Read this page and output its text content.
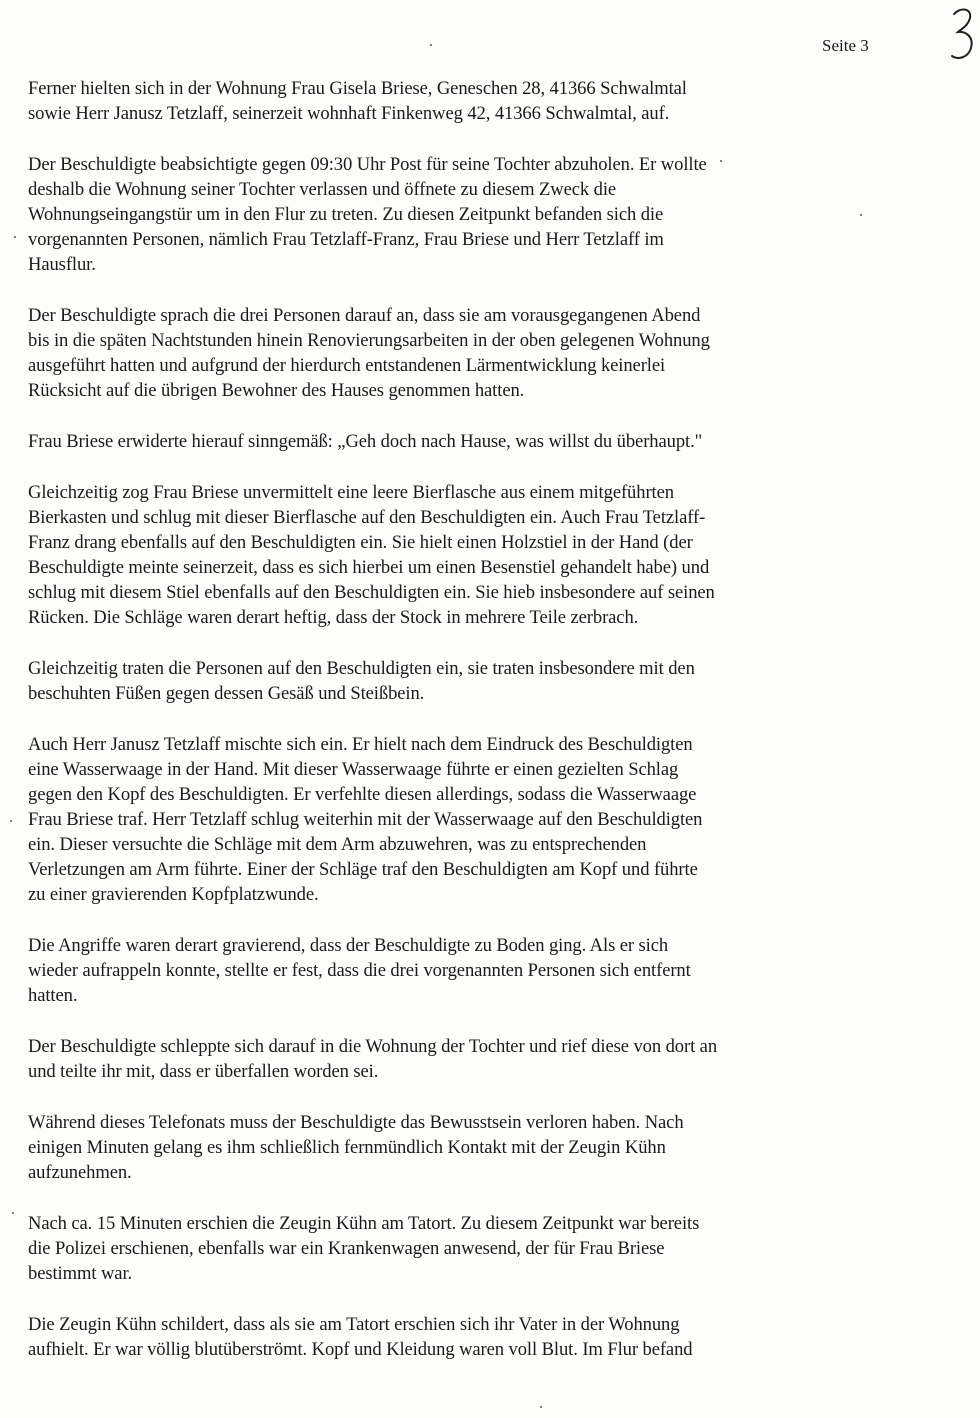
Seite 3

Ferner hielten sich in der Wohnung Frau Gisela Briese, Geneschen 28, 41366 Schwalmtal
sowie Herr Janusz Tetzlaff, seinerzeit wohnhaft Finkenweg 42, 41366 Schwalmtal, auf.

Der Beschuldigte beabsichtigte gegen 09:30 Uhr Post für seine Tochter abzuholen. Er wollte
deshalb die Wohnung seiner Tochter verlassen und öffnete zu diesem Zweck die
Wohnungseingangstür um in den Flur zu treten. Zu diesen Zeitpunkt befanden sich die
vorgenannten Personen, nämlich Frau Tetzlaff-Franz, Frau Briese und Herr Tetzlaff im
Hausflur.

Der Beschuldigte sprach die drei Personen darauf an, dass sie am vorausgegangenen Abend
bis in die späten Nachtstunden hinein Renovierungsarbeiten in der oben gelegenen Wohnung
ausgeführt hatten und aufgrund der hierdurch entstandenen Lärmentwicklung keinerlei
Rücksicht auf die übrigen Bewohner des Hauses genommen hatten.

Frau Briese erwiderte hierauf sinngemäß: „Geh doch nach Hause, was willst du überhaupt."

Gleichzeitig zog Frau Briese unvermittelt eine leere Bierflasche aus einem mitgeführten
Bierkasten und schlug mit dieser Bierflasche auf den Beschuldigten ein. Auch Frau Tetzlaff-
Franz drang ebenfalls auf den Beschuldigten ein. Sie hielt einen Holzstiel in der Hand (der
Beschuldigte meinte seinerzeit, dass es sich hierbei um einen Besenstiel gehandelt habe) und
schlug mit diesem Stiel ebenfalls auf den Beschuldigten ein. Sie hieb insbesondere auf seinen
Rücken. Die Schläge waren derart heftig, dass der Stock in mehrere Teile zerbrach.

Gleichzeitig traten die Personen auf den Beschuldigten ein, sie traten insbesondere mit den
beschuhten Füßen gegen dessen Gesäß und Steißbein.

Auch Herr Janusz Tetzlaff mischte sich ein. Er hielt nach dem Eindruck des Beschuldigten
eine Wasserwaage in der Hand. Mit dieser Wasserwaage führte er einen gezielten Schlag
gegen den Kopf des Beschuldigten. Er verfehlte diesen allerdings, sodass die Wasserwaage
Frau Briese traf. Herr Tetzlaff schlug weiterhin mit der Wasserwaage auf den Beschuldigten
ein. Dieser versuchte die Schläge mit dem Arm abzuwehren, was zu entsprechenden
Verletzungen am Arm führte. Einer der Schläge traf den Beschuldigten am Kopf und führte
zu einer gravierenden Kopfplatzwunde.

Die Angriffe waren derart gravierend, dass der Beschuldigte zu Boden ging. Als er sich
wieder aufrappeln konnte, stellte er fest, dass die drei vorgenannten Personen sich entfernt
hatten.

Der Beschuldigte schleppte sich darauf in die Wohnung der Tochter und rief diese von dort an
und teilte ihr mit, dass er überfallen worden sei.

Während dieses Telefonats muss der Beschuldigte das Bewusstsein verloren haben. Nach
einigen Minuten gelang es ihm schließlich fernmündlich Kontakt mit der Zeugin Kühn
aufzunehmen.

Nach ca. 15 Minuten erschien die Zeugin Kühn am Tatort. Zu diesem Zeitpunkt war bereits
die Polizei erschienen, ebenfalls war ein Krankenwagen anwesend, der für Frau Briese
bestimmt war.

Die Zeugin Kühn schildert, dass als sie am Tatort erschien sich ihr Vater in der Wohnung
aufhielt. Er war völlig blutüberströmt. Kopf und Kleidung waren voll Blut. Im Flur befand
